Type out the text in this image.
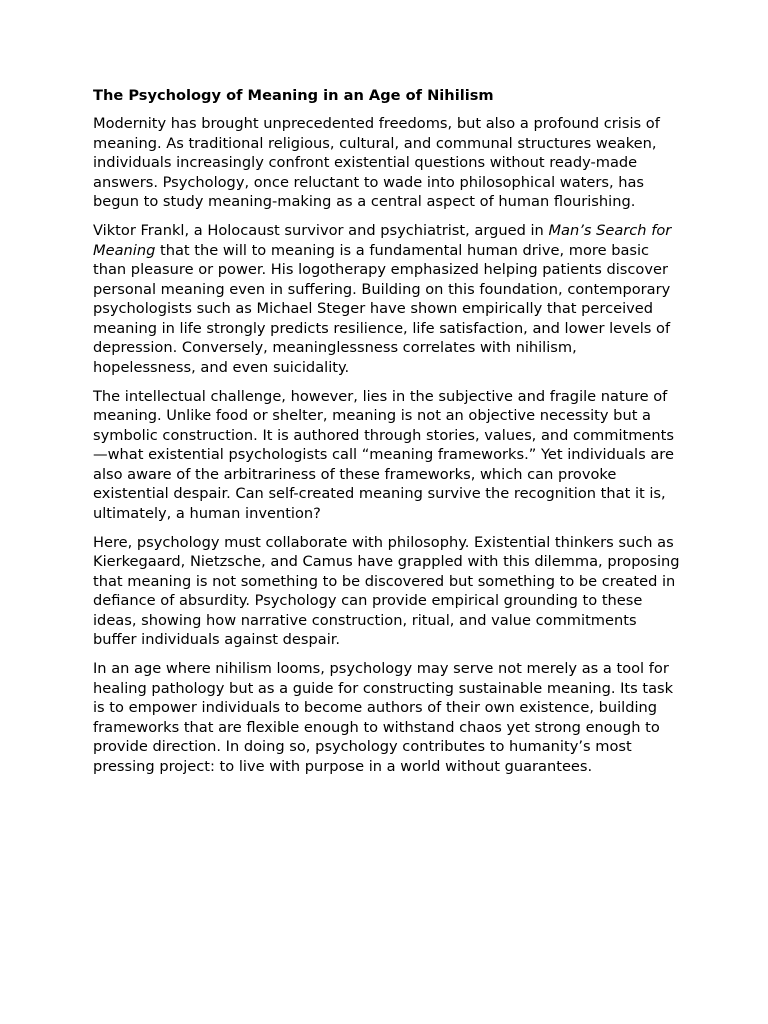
The Psychology of Meaning in an Age of Nihilism

Modernity has brought unprecedented freedoms, but also a profound crisis of meaning. As traditional religious, cultural, and communal structures weaken, individuals increasingly confront existential questions without ready-made answers. Psychology, once reluctant to wade into philosophical waters, has begun to study meaning-making as a central aspect of human flourishing.

Viktor Frankl, a Holocaust survivor and psychiatrist, argued in Man’s Search for Meaning that the will to meaning is a fundamental human drive, more basic than pleasure or power. His logotherapy emphasized helping patients discover personal meaning even in suffering. Building on this foundation, contemporary psychologists such as Michael Steger have shown empirically that perceived meaning in life strongly predicts resilience, life satisfaction, and lower levels of depression. Conversely, meaninglessness correlates with nihilism, hopelessness, and even suicidality.

The intellectual challenge, however, lies in the subjective and fragile nature of meaning. Unlike food or shelter, meaning is not an objective necessity but a symbolic construction. It is authored through stories, values, and commitments—what existential psychologists call “meaning frameworks.” Yet individuals are also aware of the arbitrariness of these frameworks, which can provoke existential despair. Can self-created meaning survive the recognition that it is, ultimately, a human invention?

Here, psychology must collaborate with philosophy. Existential thinkers such as Kierkegaard, Nietzsche, and Camus have grappled with this dilemma, proposing that meaning is not something to be discovered but something to be created in defiance of absurdity. Psychology can provide empirical grounding to these ideas, showing how narrative construction, ritual, and value commitments buffer individuals against despair.

In an age where nihilism looms, psychology may serve not merely as a tool for healing pathology but as a guide for constructing sustainable meaning. Its task is to empower individuals to become authors of their own existence, building frameworks that are flexible enough to withstand chaos yet strong enough to provide direction. In doing so, psychology contributes to humanity’s most pressing project: to live with purpose in a world without guarantees.
